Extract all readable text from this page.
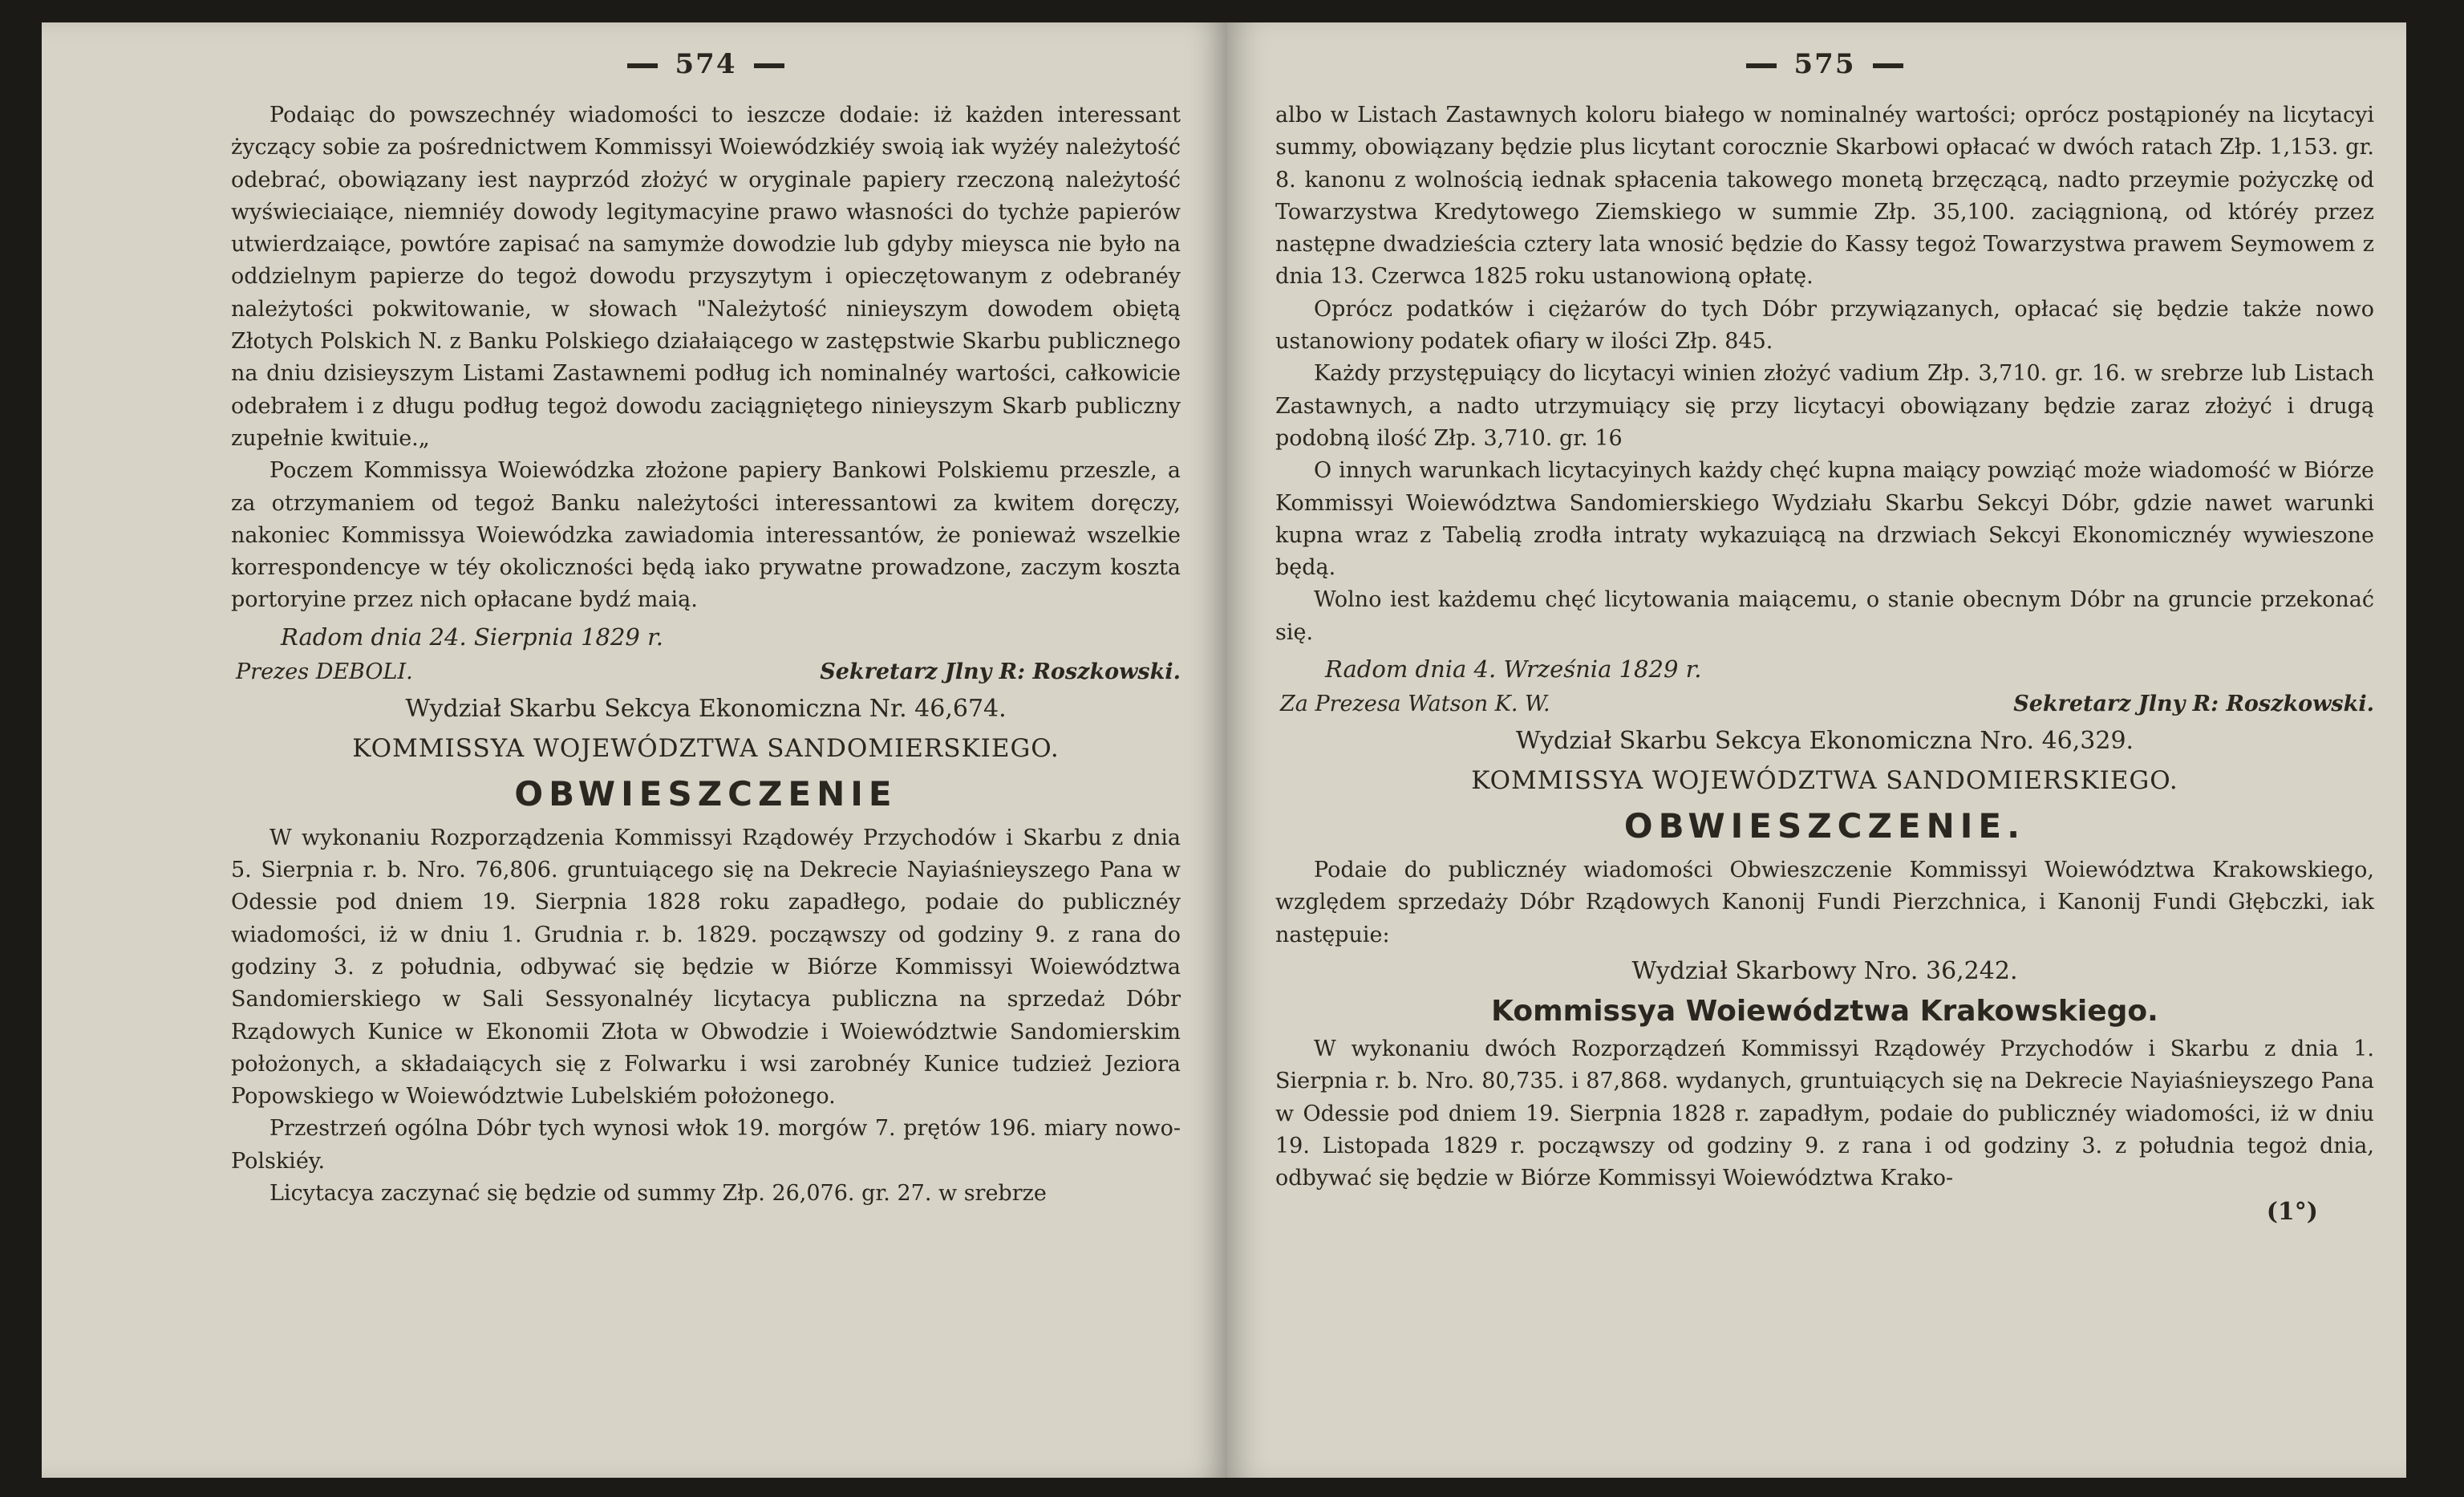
574

Podaiąc do powszechnéy wiadomości to ieszcze dodaie: iż każden interessant życzący sobie za pośrednictwem Kommissyi Woiewódzkiéy swoią iak wyżéy należytość odebrać, obowiązany iest nayprzód złożyć w oryginale papiery rzeczoną należytość wyświeciaiące, niemniéy dowody legitymacyine prawo własności do tychże papierów utwierdzaiące, powtóre zapisać na samymże dowodzie lub gdyby mieysca nie było na oddzielnym papierze do tegoż dowodu przyszytym i opieczętowanym z odebranéy należytości pokwitowanie, w słowach "Należytość ninieyszym dowodem obiętą Złotych Polskich N. z Banku Polskiego działaiącego w zastępstwie Skarbu publicznego na dniu dzisieyszym Listami Zastawnemi podług ich nominalnéy wartości, całkowicie odebrałem i z długu podług tegoż dowodu zaciągniętego ninieyszym Skarb publiczny zupełnie kwituie.„

Poczem Kommissya Woiewódzka złożone papiery Bankowi Polskiemu przeszle, a za otrzymaniem od tegoż Banku należytości interessantowi za kwitem doręczy, nakoniec Kommissya Woiewódzka zawiadomia interessantów, że ponieważ wszelkie korrespondencye w téy okoliczności będą iako prywatne prowadzone, zaczym koszta portoryine przez nich opłacane bydź maią.

Radom dnia 24. Sierpnia 1829 r.
Prezes DEBOLI.	Sekretarz Jlny R: Roszkowski.
Wydział Skarbu Sekcya Ekonomiczna Nr. 46,674.
KOMMISSYA WOJEWÓDZTWA SANDOMIERSKIEGO.
OBWIESZCZENIE

W wykonaniu Rozporządzenia Kommissyi Rządowéy Przychodów i Skarbu z dnia 5. Sierpnia r. b. Nro. 76,806. gruntuiącego się na Dekrecie Nayiaśnieyszego Pana w Odessie pod dniem 19. Sierpnia 1828 roku zapadłego, podaie do publicznéy wiadomości, iż w dniu 1. Grudnia r. b. 1829. począwszy od godziny 9. z rana do godziny 3. z południa, odbywać się będzie w Biórze Kommissyi Woiewództwa Sandomierskiego w Sali Sessyonalnéy licytacya publiczna na sprzedaż Dóbr Rządowych Kunice w Ekonomii Złota w Obwodzie i Woiewództwie Sandomierskim położonych, a składaiących się z Folwarku i wsi zarobnéy Kunice tudzież Jeziora Popowskiego w Woiewództwie Lubelskiém położonego.

Przestrzeń ogólna Dóbr tych wynosi włok 19. morgów 7. prętów 196. miary nowo-Polskiéy.

Licytacya zaczynać się będzie od summy Złp. 26,076. gr. 27. w srebrze

575

albo w Listach Zastawnych koloru białego w nominalnéy wartości; oprócz postąpionéy na licytacyi summy, obowiązany będzie plus licytant corocznie Skarbowi opłacać w dwóch ratach Złp. 1,153. gr. 8. kanonu z wolnością iednak spłacenia takowego monetą brzęczącą, nadto przeymie pożyczkę od Towarzystwa Kredytowego Ziemskiego w summie Złp. 35,100. zaciągnioną, od któréy przez następne dwadzieścia cztery lata wnosić będzie do Kassy tegoż Towarzystwa prawem Seymowem z dnia 13. Czerwca 1825 roku ustanowioną opłatę.

Oprócz podatków i ciężarów do tych Dóbr przywiązanych, opłacać się będzie także nowo ustanowiony podatek ofiary w ilości Złp. 845.

Każdy przystępuiący do licytacyi winien złożyć vadium Złp. 3,710. gr. 16. w srebrze lub Listach Zastawnych, a nadto utrzymuiący się przy licytacyi obowiązany będzie zaraz złożyć i drugą podobną ilość Złp. 3,710. gr. 16

O innych warunkach licytacyinych każdy chęć kupna maiący powziąć może wiadomość w Biórze Kommissyi Woiewództwa Sandomierskiego Wydziału Skarbu Sekcyi Dóbr, gdzie nawet warunki kupna wraz z Tabelią zrodła intraty wykazuiącą na drzwiach Sekcyi Ekonomicznéy wywieszone będą.

Wolno iest każdemu chęć licytowania maiącemu, o stanie obecnym Dóbr na gruncie przekonać się.

Radom dnia 4. Września 1829 r.
Za Prezesa Watson K. W.	Sekretarz Jlny R: Roszkowski.
Wydział Skarbu Sekcya Ekonomiczna Nro. 46,329.
KOMMISSYA WOJEWÓDZTWA SANDOMIERSKIEGO.
OBWIESZCZENIE.

Podaie do publicznéy wiadomości Obwieszczenie Kommissyi Woiewództwa Krakowskiego, względem sprzedaży Dóbr Rządowych Kanonij Fundi Pierzchnica, i Kanonij Fundi Głębczki, iak następuie:

Wydział Skarbowy Nro. 36,242.
Kommissya Woiewództwa Krakowskiego.

W wykonaniu dwóch Rozporządzeń Kommissyi Rządowéy Przychodów i Skarbu z dnia 1. Sierpnia r. b. Nro. 80,735. i 87,868. wydanych, gruntuiących się na Dekrecie Nayiaśnieyszego Pana w Odessie pod dniem 19. Sierpnia 1828 r. zapadłym, podaie do publicznéy wiadomości, iż w dniu 19. Listopada 1829 r. począwszy od godziny 9. z rana i od godziny 3. z południa tegoż dnia, odbywać się będzie w Biórze Kommissyi Woiewództwa Krako-

(1°)
